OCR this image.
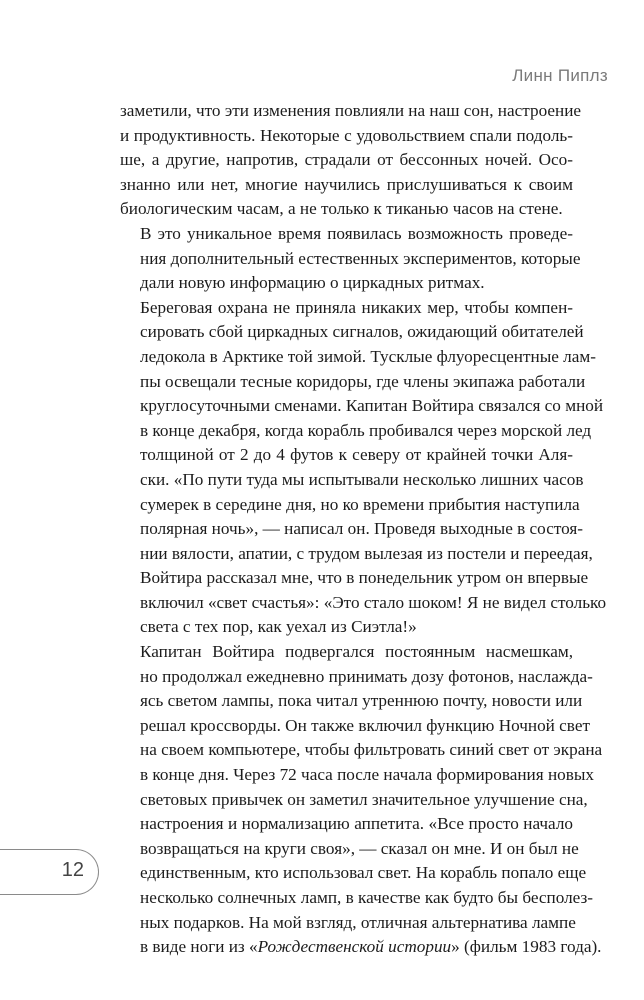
Линн Пиплз

заметили, что эти изменения повлияли на наш сон, настроение
и продуктивность. Некоторые с удовольствием спали подоль-
ше, а другие, напротив, страдали от бессонных ночей. Осо-
знанно или нет, многие научились прислушиваться к своим
биологическим часам, а не только к тиканью часов на стене.

В это уникальное время появилась возможность проведе-
ния дополнительный естественных экспериментов, которые
дали новую информацию о циркадных ритмах.

Береговая охрана не приняла никаких мер, чтобы компен-
сировать сбой циркадных сигналов, ожидающий обитателей
ледокола в Арктике той зимой. Тусклые флуоресцентные лам-
пы освещали тесные коридоры, где члены экипажа работали
круглосуточными сменами. Капитан Войтира связался со мной
в конце декабря, когда корабль пробивался через морской лед
толщиной от 2 до 4 футов к северу от крайней точки Аля-
ски. «По пути туда мы испытывали несколько лишних часов
сумерек в середине дня, но ко времени прибытия наступила
полярная ночь», — написал он. Проведя выходные в состоя-
нии вялости, апатии, с трудом вылезая из постели и переедая,
Войтира рассказал мне, что в понедельник утром он впервые
включил «свет счастья»: «Это стало шоком! Я не видел столько
света с тех пор, как уехал из Сиэтла!»

Капитан Войтира подвергался постоянным насмешкам,
но продолжал ежедневно принимать дозу фотонов, наслажда-
ясь светом лампы, пока читал утреннюю почту, новости или
решал кроссворды. Он также включил функцию Ночной свет
на своем компьютере, чтобы фильтровать синий свет от экрана
в конце дня. Через 72 часа после начала формирования новых
световых привычек он заметил значительное улучшение сна,
настроения и нормализацию аппетита. «Все просто начало
возвращаться на круги своя», — сказал он мне. И он был не
единственным, кто использовал свет. На корабль попало еще
несколько солнечных ламп, в качестве как будто бы бесполез-
ных подарков. На мой взгляд, отличная альтернатива лампе
в виде ноги из «Рождественской истории» (фильм 1983 года).

12
